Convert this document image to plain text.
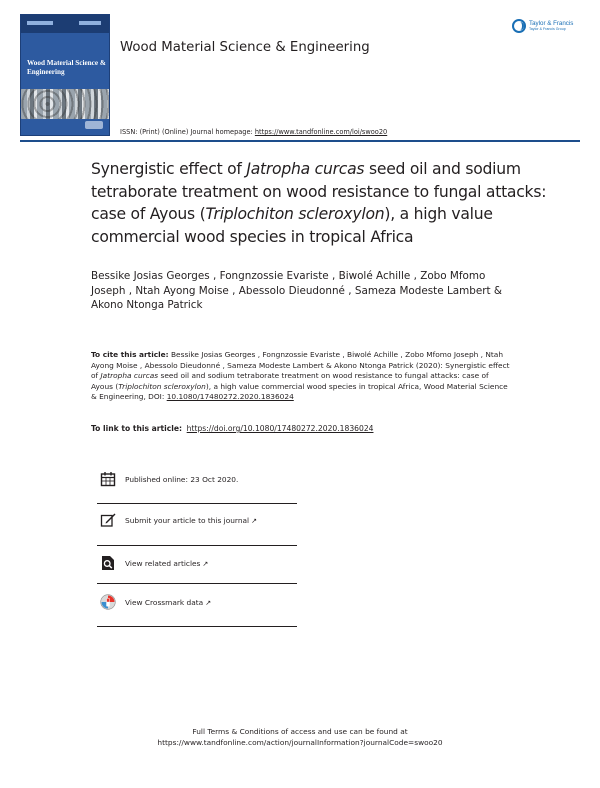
Wood Material Science & Engineering
Wood Material Science & Engineering
Taylor & Francis
Taylor & Francis Group
ISSN: (Print) (Online) Journal homepage: https://www.tandfonline.com/loi/swoo20
Synergistic effect of Jatropha curcas seed oil and sodium tetraborate treatment on wood resistance to fungal attacks: case of Ayous (Triplochiton scleroxylon), a high value commercial wood species in tropical Africa
Bessike Josias Georges , Fongnzossie Evariste , Biwolé Achille , Zobo Mfomo Joseph , Ntah Ayong Moise , Abessolo Dieudonné , Sameza Modeste Lambert & Akono Ntonga Patrick
To cite this article: Bessike Josias Georges , Fongnzossie Evariste , Biwolé Achille , Zobo Mfomo Joseph , Ntah Ayong Moise , Abessolo Dieudonné , Sameza Modeste Lambert & Akono Ntonga Patrick (2020): Synergistic effect of Jatropha curcas seed oil and sodium tetraborate treatment on wood resistance to fungal attacks: case of Ayous (Triplochiton scleroxylon), a high value commercial wood species in tropical Africa, Wood Material Science & Engineering, DOI: 10.1080/17480272.2020.1836024
To link to this article: https://doi.org/10.1080/17480272.2020.1836024
Published online: 23 Oct 2020.
Submit your article to this journal ↗
View related articles ↗
View Crossmark data ↗
Full Terms & Conditions of access and use can be found at
https://www.tandfonline.com/action/journalInformation?journalCode=swoo20
